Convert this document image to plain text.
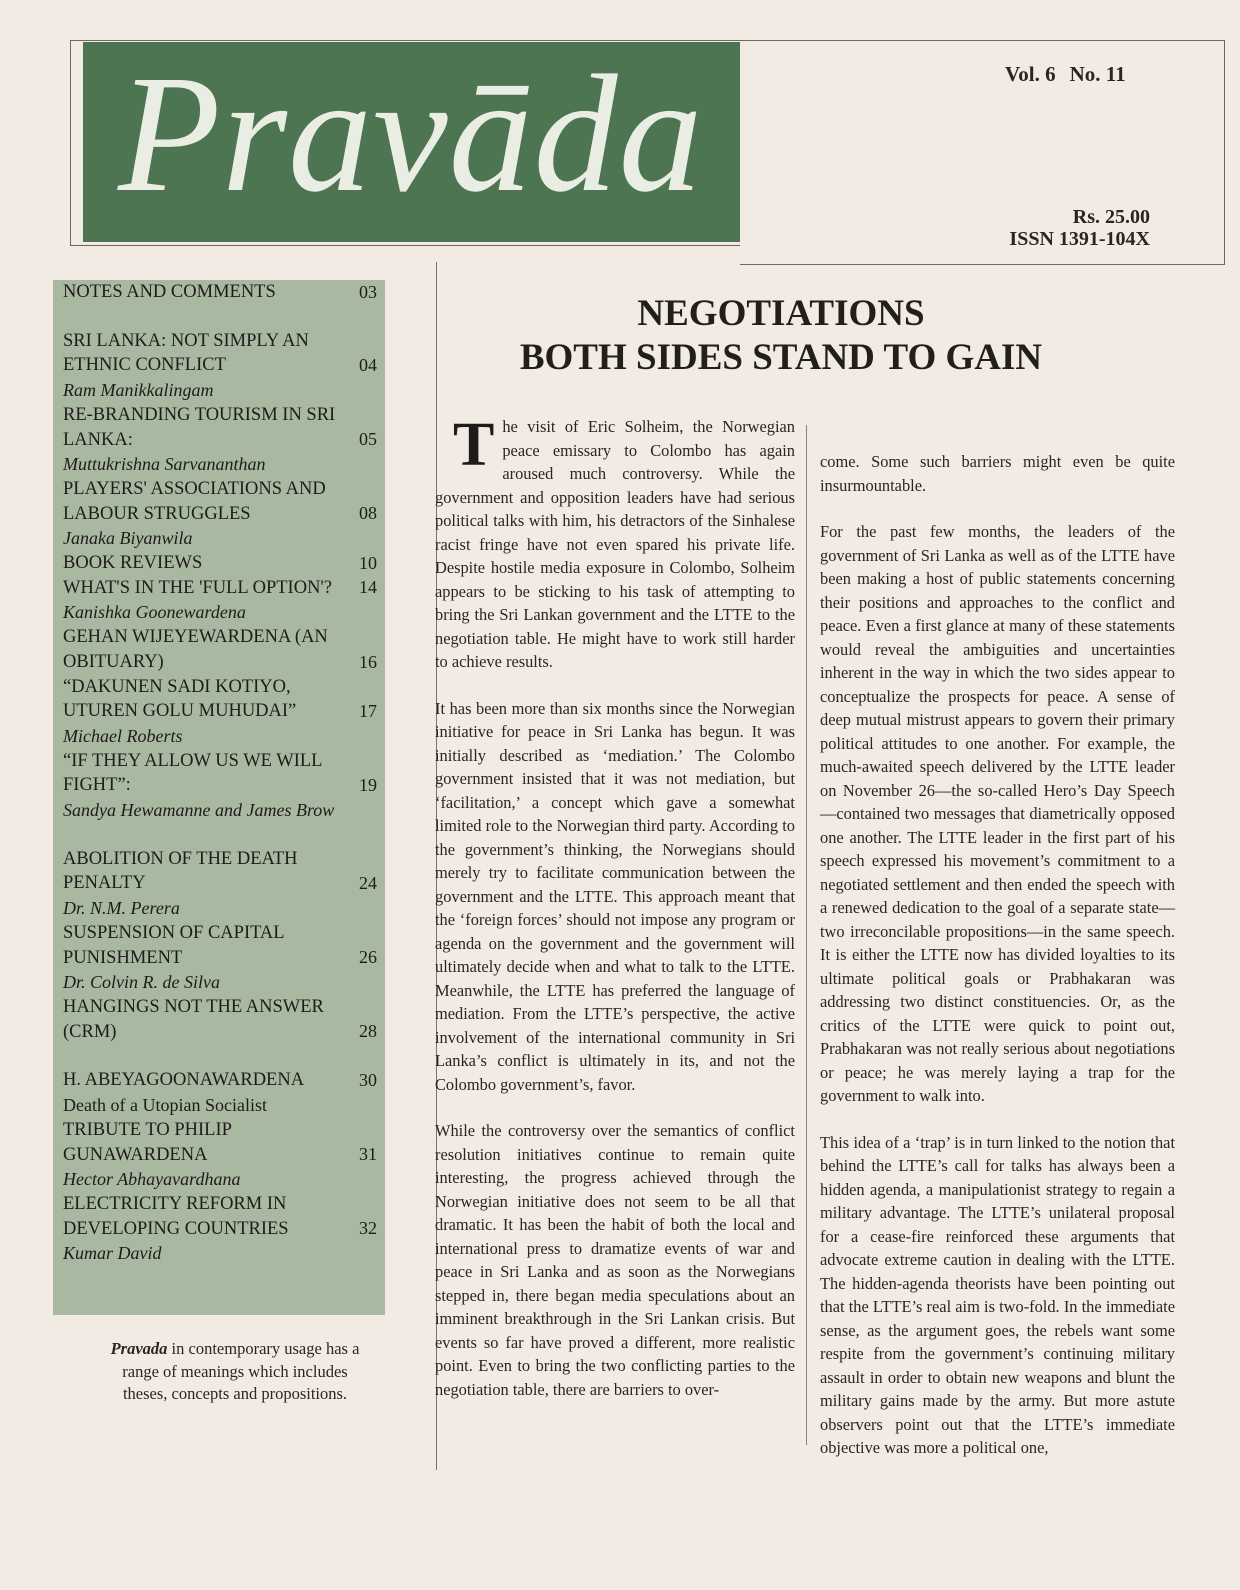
Pravāda	Vol. 6 No. 11
Rs. 25.00
ISSN 1391-104X
NOTES AND COMMENTS	03
SRI LANKA: NOT SIMPLY AN ETHNIC CONFLICT	04
Ram Manikkalingam
RE-BRANDING TOURISM IN SRI LANKA:	05
Muttukrishna Sarvananthan
PLAYERS' ASSOCIATIONS AND LABOUR STRUGGLES	08
Janaka Biyanwila
BOOK REVIEWS	10
WHAT'S IN THE 'FULL OPTION'?	14
Kanishka Goonewardena
GEHAN WIJEYEWARDENA (AN OBITUARY)	16
“DAKUNEN SADI KOTIYO, UTUREN GOLU MUHUDAI”	17
Michael Roberts
“IF THEY ALLOW US WE WILL FIGHT”:	19
Sandya Hewamanne and James Brow
ABOLITION OF THE DEATH PENALTY	24
Dr. N.M. Perera
SUSPENSION OF CAPITAL PUNISHMENT	26
Dr. Colvin R. de Silva
HANGINGS NOT THE ANSWER (CRM)	28
H. ABEYAGOONAWARDENA	30
Death of a Utopian Socialist
TRIBUTE TO PHILIP GUNAWARDENA	31
Hector Abhayavardhana
ELECTRICITY REFORM IN DEVELOPING COUNTRIES	32
Kumar David
Pravada in contemporary usage has a range of meanings which includes theses, concepts and propositions.
NEGOTIATIONS
BOTH SIDES STAND TO GAIN

The visit of Eric Solheim, the Norwegian peace emissary to Colombo has again aroused much controversy. While the government and opposition leaders have had serious political talks with him, his detractors of the Sinhalese racist fringe have not even spared his private life. Despite hostile media exposure in Colombo, Solheim appears to be sticking to his task of attempting to bring the Sri Lankan government and the LTTE to the negotiation table. He might have to work still harder to achieve results.

It has been more than six months since the Norwegian initiative for peace in Sri Lanka has begun. It was initially described as ‘mediation.’ The Colombo government insisted that it was not mediation, but ‘facilitation,’ a concept which gave a somewhat limited role to the Norwegian third party. According to the government’s thinking, the Norwegians should merely try to facilitate communication between the government and the LTTE. This approach meant that the ‘foreign forces’ should not impose any program or agenda on the government and the government will ultimately decide when and what to talk to the LTTE. Meanwhile, the LTTE has preferred the language of mediation. From the LTTE’s perspective, the active involvement of the international community in Sri Lanka’s conflict is ultimately in its, and not the Colombo government’s, favor.

While the controversy over the semantics of conflict resolution initiatives continue to remain quite interesting, the progress achieved through the Norwegian initiative does not seem to be all that dramatic. It has been the habit of both the local and international press to dramatize events of war and peace in Sri Lanka and as soon as the Norwegians stepped in, there began media speculations about an imminent breakthrough in the Sri Lankan crisis. But events so far have proved a different, more realistic point. Even to bring the two conflicting parties to the negotiation table, there are barriers to over-

come. Some such barriers might even be quite insurmountable.

For the past few months, the leaders of the government of Sri Lanka as well as of the LTTE have been making a host of public statements concerning their positions and approaches to the conflict and peace. Even a first glance at many of these statements would reveal the ambiguities and uncertainties inherent in the way in which the two sides appear to conceptualize the prospects for peace. A sense of deep mutual mistrust appears to govern their primary political attitudes to one another. For example, the much-awaited speech delivered by the LTTE leader on November 26—the so-called Hero’s Day Speech—contained two messages that diametrically opposed one another. The LTTE leader in the first part of his speech expressed his movement’s commitment to a negotiated settlement and then ended the speech with a renewed dedication to the goal of a separate state—two irreconcilable propositions—in the same speech. It is either the LTTE now has divided loyalties to its ultimate political goals or Prabhakaran was addressing two distinct constituencies. Or, as the critics of the LTTE were quick to point out, Prabhakaran was not really serious about negotiations or peace; he was merely laying a trap for the government to walk into.

This idea of a ‘trap’ is in turn linked to the notion that behind the LTTE’s call for talks has always been a hidden agenda, a manipulationist strategy to regain a military advantage. The LTTE’s unilateral proposal for a cease-fire reinforced these arguments that advocate extreme caution in dealing with the LTTE. The hidden-agenda theorists have been pointing out that the LTTE’s real aim is two-fold. In the immediate sense, as the argument goes, the rebels want some respite from the government’s continuing military assault in order to obtain new weapons and blunt the military gains made by the army. But more astute observers point out that the LTTE’s immediate objective was more a political one,
